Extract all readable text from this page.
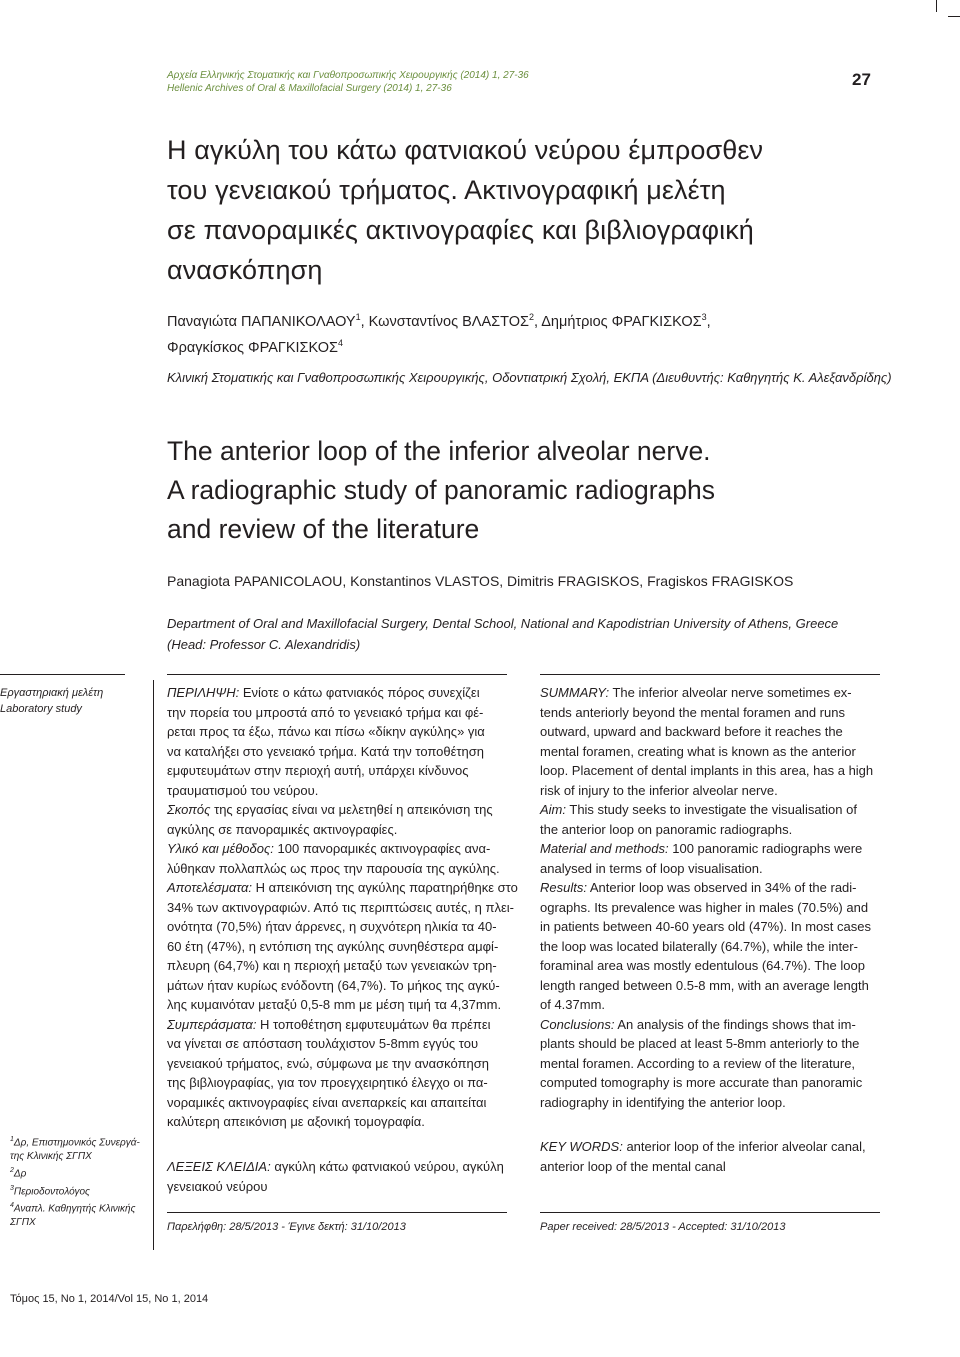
Αρχεία Ελληνικής Στοματικής και Γναθοπροσωπικής Χειρουργικής (2014) 1, 27-36
Hellenic Archives of Oral & Maxillofacial Surgery (2014) 1, 27-36	27
Η αγκύλη του κάτω φατνιακού νεύρου έμπροσθεν
του γενειακού τρήματος. Ακτινογραφική μελέτη
σε πανοραμικές ακτινογραφίες και βιβλιογραφική
ανασκόπηση
Παναγιώτα ΠΑΠΑΝΙΚΟΛΑΟΥ$^1$, Κωνσταντίνος ΒΛΑΣΤΟΣ$^2$, Δημήτριος ΦΡΑΓΚΙΣΚΟΣ$^3$,
Φραγκίσκος ΦΡΑΓΚΙΣΚΟΣ$^4$
Κλινική Στοματικής και Γναθοπροσωπικής Χειρουργικής, Οδοντιατρική Σχολή, ΕΚΠΑ (Διευθυντής: Καθηγητής Κ. Αλεξανδρίδης)
The anterior loop of the inferior alveolar nerve.
A radiographic study of panoramic radiographs
and review of the literature
Panagiota PAPANICOLAOU, Konstantinos VLASTOS, Dimitris FRAGISKOS, Fragiskos FRAGISKOS
Department of Oral and Maxillofacial Surgery, Dental School, National and Kapodistrian University of Athens, Greece
(Head: Professor C. Alexandridis)
Εργαστηριακή μελέτη
Laboratory study
$^1$Δρ, Επιστημονικός Συνεργά-
της Κλινικής ΣΓΠΧ
$^2$Δρ
$^3$Περιοδοντολόγος
$^4$Αναπλ. Καθηγητής Κλινικής
ΣΓΠΧ
ΠΕΡΙΛΗΨΗ: Ενίοτε ο κάτω φατνιακός πόρος συνεχίζει
την πορεία του μπροστά από το γενειακό τρήμα και φέ-
ρεται προς τα έξω, πάνω και πίσω «δίκην αγκύλης» για
να καταλήξει στο γενειακό τρήμα. Κατά την τοποθέτηση
εμφυτευμάτων στην περιοχή αυτή, υπάρχει κίνδυνος
τραυματισμού του νεύρου.
Σκοπός της εργασίας είναι να μελετηθεί η απεικόνιση της
αγκύλης σε πανοραμικές ακτινογραφίες.
Υλικό και μέθοδος: 100 πανοραμικές ακτινογραφίες ανα-
λύθηκαν πολλαπλώς ως προς την παρουσία της αγκύλης.
Αποτελέσματα: Η απεικόνιση της αγκύλης παρατηρήθηκε στο
34% των ακτινογραφιών. Από τις περιπτώσεις αυτές, η πλει-
ονότητα (70,5%) ήταν άρρενες, η συχνότερη ηλικία τα 40-
60 έτη (47%), η εντόπιση της αγκύλης συνηθέστερα αμφί-
πλευρη (64,7%) και η περιοχή μεταξύ των γενειακών τρη-
μάτων ήταν κυρίως ενόδοντη (64,7%). Το μήκος της αγκύ-
λης κυμαινόταν μεταξύ 0,5-8 mm με μέση τιμή τα 4,37mm.
Συμπεράσματα: Η τοποθέτηση εμφυτευμάτων θα πρέπει
να γίνεται σε απόσταση τουλάχιστον 5-8mm εγγύς του
γενειακού τρήματος, ενώ, σύμφωνα με την ανασκόπηση
της βιβλιογραφίας, για τον προεγχειρητικό έλεγχο οι πα-
νοραμικές ακτινογραφίες είναι ανεπαρκείς και απαιτείται
καλύτερη απεικόνιση με αξονική τομογραφία.
ΛΕΞΕΙΣ ΚΛΕΙΔΙΑ: αγκύλη κάτω φατνιακού νεύρου, αγκύλη
γενειακού νεύρου
Παρελήφθη: 28/5/2013 - Έγινε δεκτή: 31/10/2013
SUMMARY: The inferior alveolar nerve sometimes ex-
tends anteriorly beyond the mental foramen and runs
outward, upward and backward before it reaches the
mental foramen, creating what is known as the anterior
loop. Placement of dental implants in this area, has a high
risk of injury to the inferior alveolar nerve.
Aim: This study seeks to investigate the visualisation of
the anterior loop on panoramic radiographs.
Material and methods: 100 panoramic radiographs were
analysed in terms of loop visualisation.
Results: Anterior loop was observed in 34% of the radi-
ographs. Its prevalence was higher in males (70.5%) and
in patients between 40-60 years old (47%). In most cases
the loop was located bilaterally (64.7%), while the inter-
foraminal area was mostly edentulous (64.7%). The loop
length ranged between 0.5-8 mm, with an average length
of 4.37mm.
Conclusions: An analysis of the findings shows that im-
plants should be placed at least 5-8mm anteriorly to the
mental foramen. According to a review of the literature,
computed tomography is more accurate than panoramic
radiography in identifying the anterior loop.
KEY WORDS: anterior loop of the inferior alveolar canal,
anterior loop of the mental canal
Paper received: 28/5/2013 - Accepted: 31/10/2013
Τόμος 15, No 1, 2014/Vol 15, No 1, 2014
